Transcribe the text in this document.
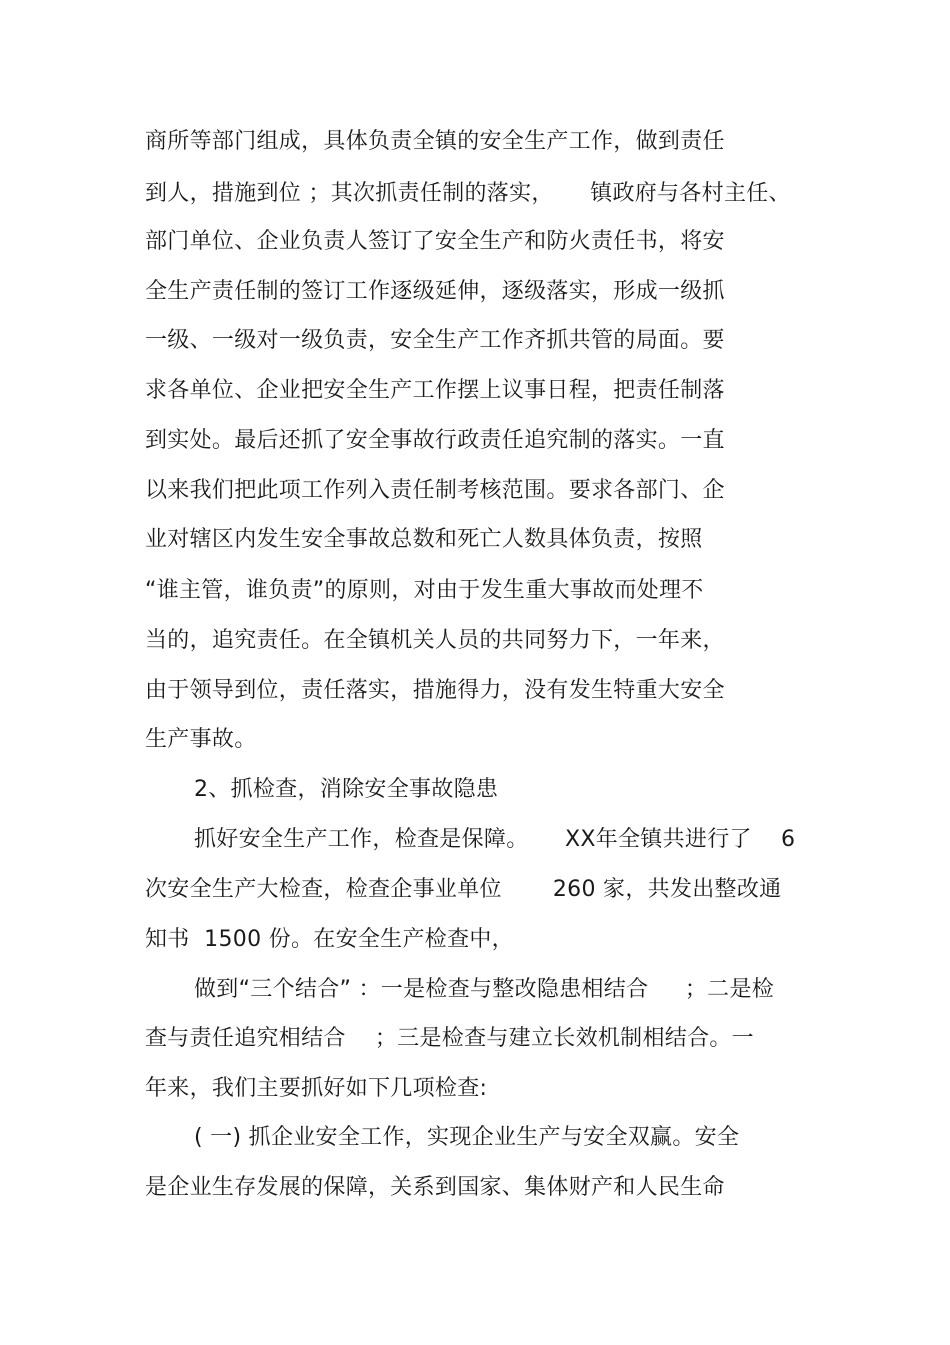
商所等部门组成，具体负责全镇的安全生产工作，做到责任
到人，措施到位 ；其次抓责任制的落实，     镇政府与各村主任、
部门单位、企业负责人签订了安全生产和防火责任书，将安
全生产责任制的签订工作逐级延伸，逐级落实，形成一级抓
一级、一级对一级负责，安全生产工作齐抓共管的局面。要
求各单位、企业把安全生产工作摆上议事日程，把责任制落
到实处。最后还抓了安全事故行政责任追究制的落实。一直
以来我们把此项工作列入责任制考核范围。要求各部门、企
业对辖区内发生安全事故总数和死亡人数具体负责，按照
“谁主管，谁负责”的原则，对由于发生重大事故而处理不
当的，追究责任。在全镇机关人员的共同努力下，一年来，
由于领导到位，责任落实，措施得力，没有发生特重大安全
生产事故。
2、抓检查，消除安全事故隐患
抓好安全生产工作，检查是保障。     XX年全镇共进行了    6
次安全生产大检查，检查企事业单位       260 家，共发出整改通
知书  1500 份。在安全生产检查中，
做到“三个结合” ：一是检查与整改隐患相结合     ；二是检
查与责任追究相结合    ；三是检查与建立长效机制相结合。一
年来，我们主要抓好如下几项检查:
( 一) 抓企业安全工作，实现企业生产与安全双赢。安全
是企业生存发展的保障，关系到国家、集体财产和人民生命
